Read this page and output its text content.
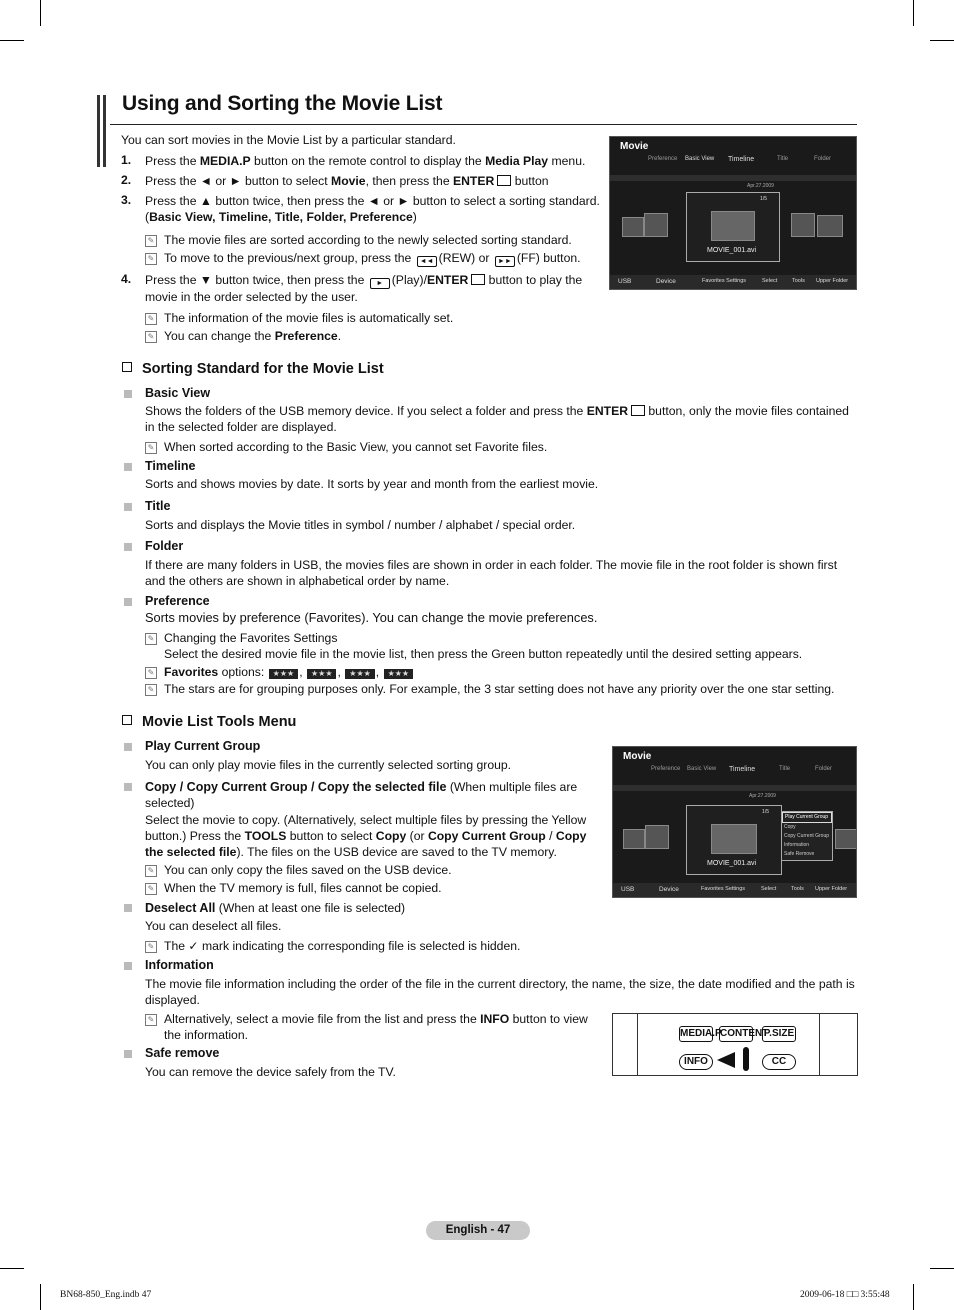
Using and Sorting the Movie List
You can sort movies in the Movie List by a particular standard.
1. Press the MEDIA.P button on the remote control to display the Media Play menu.
2. Press the ◄ or ► button to select Movie, then press the ENTER button
3. Press the ▲ button twice, then press the ◄ or ► button to select a sorting standard.
(Basic View, Timeline, Title, Folder, Preference)
✎ The movie files are sorted according to the newly selected sorting standard.
✎ To move to the previous/next group, press the ◄◄ (REW) or ►► (FF) button.
4. Press the ▼ button twice, then press the ► (Play)/ENTER button to play the
movie in the order selected by the user.
✎ The information of the movie files is automatically set.
✎ You can change the Preference.
Movie
Preference Basic View Timeline	Title	Folder
Apr.27.2009
1/5
MOVIE_001.avi
USB	Device	Favorites Settings	Select	Tools Upper Folder
Sorting Standard for the Movie List
Basic View
Shows the folders of the USB memory device. If you select a folder and press the ENTER button, only the movie files contained
in the selected folder are displayed.
✎ When sorted according to the Basic View, you cannot set Favorite files.
Timeline
Sorts and shows movies by date. It sorts by year and month from the earliest movie.
Title
Sorts and displays the Movie titles in symbol / number / alphabet / special order.
Folder
If there are many folders in USB, the movies files are shown in order in each folder. The movie file in the root folder is shown first
and the others are shown in alphabetical order by name.
Preference
Sorts movies by preference (Favorites). You can change the movie preferences.
✎ Changing the Favorites Settings
Select the desired movie file in the movie list, then press the Green button repeatedly until the desired setting appears.
✎ Favorites options: ★★★ , ★★★ , ★★★ , ★★★
✎ The stars are for grouping purposes only. For example, the 3 star setting does not have any priority over the one star setting.
Movie List Tools Menu
Play Current Group
You can only play movie files in the currently selected sorting group.
Copy / Copy Current Group / Copy the selected file (When multiple files are
selected)
Select the movie to copy. (Alternatively, select multiple files by pressing the Yellow
button.) Press the TOOLS button to select Copy (or Copy Current Group / Copy
the selected file). The files on the USB device are saved to the TV memory.
✎ You can only copy the files saved on the USB device.
✎ When the TV memory is full, files cannot be copied.
Deselect All (When at least one file is selected)
You can deselect all files.
✎ The ✓ mark indicating the corresponding file is selected is hidden.
Information
The movie file information including the order of the file in the current directory, the name, the size, the date modified and the path is
displayed.
✎ Alternatively, select a movie file from the list and press the INFO button to view
the information.
Safe remove
You can remove the device safely from the TV.
Movie
Preference Basic View Timeline	Title	Folder
Apr.27.2009
1/5
MOVIE_001.avi
Play Current Group
Copy
Copy Current Group
Information
Safe Remove
USB	Device	Favorites Settings	Select	Tools Upper Folder
MEDIA.P
CONTENT
P.SIZE
INFO	CC
English - 47
BN68-850_Eng.indb 47	2009-06-18 □□ 3:55:48
